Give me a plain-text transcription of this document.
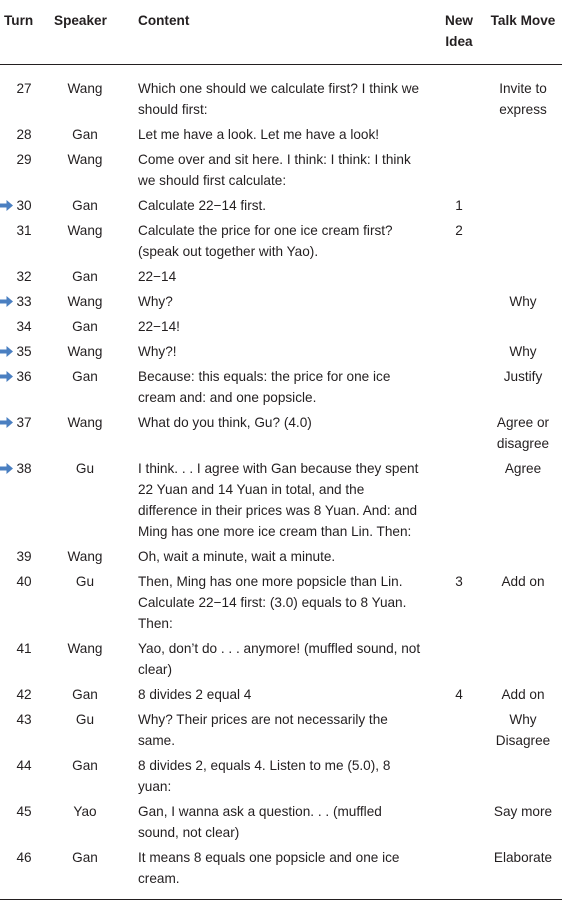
Turn	Speaker	Content	New Idea	Talk Move
27	Wang	Which one should we calculate first? I think we should first:		Invite to express
28	Gan	Let me have a look. Let me have a look!		
29	Wang	Come over and sit here. I think: I think: I think we should first calculate:		
30	Gan	Calculate 22−14 first.	1	
31	Wang	Calculate the price for one ice cream first? (speak out together with Yao).	2	
32	Gan	22−14		
33	Wang	Why?		Why
34	Gan	22−14!		
35	Wang	Why?!		Why
36	Gan	Because: this equals: the price for one ice cream and: and one popsicle.		Justify
37	Wang	What do you think, Gu? (4.0)		Agree or disagree
38	Gu	I think. . . I agree with Gan because they spent 22 Yuan and 14 Yuan in total, and the difference in their prices was 8 Yuan. And: and Ming has one more ice cream than Lin. Then:		Agree
39	Wang	Oh, wait a minute, wait a minute.		
40	Gu	Then, Ming has one more popsicle than Lin. Calculate 22−14 first: (3.0) equals to 8 Yuan. Then:	3	Add on
41	Wang	Yao, don’t do . . . anymore! (muffled sound, not clear)		
42	Gan	8 divides 2 equal 4	4	Add on
43	Gu	Why? Their prices are not necessarily the same.		Why Disagree
44	Gan	8 divides 2, equals 4. Listen to me (5.0), 8 yuan:		
45	Yao	Gan, I wanna ask a question. . . (muffled sound, not clear)		Say more
46	Gan	It means 8 equals one popsicle and one ice cream.		Elaborate
